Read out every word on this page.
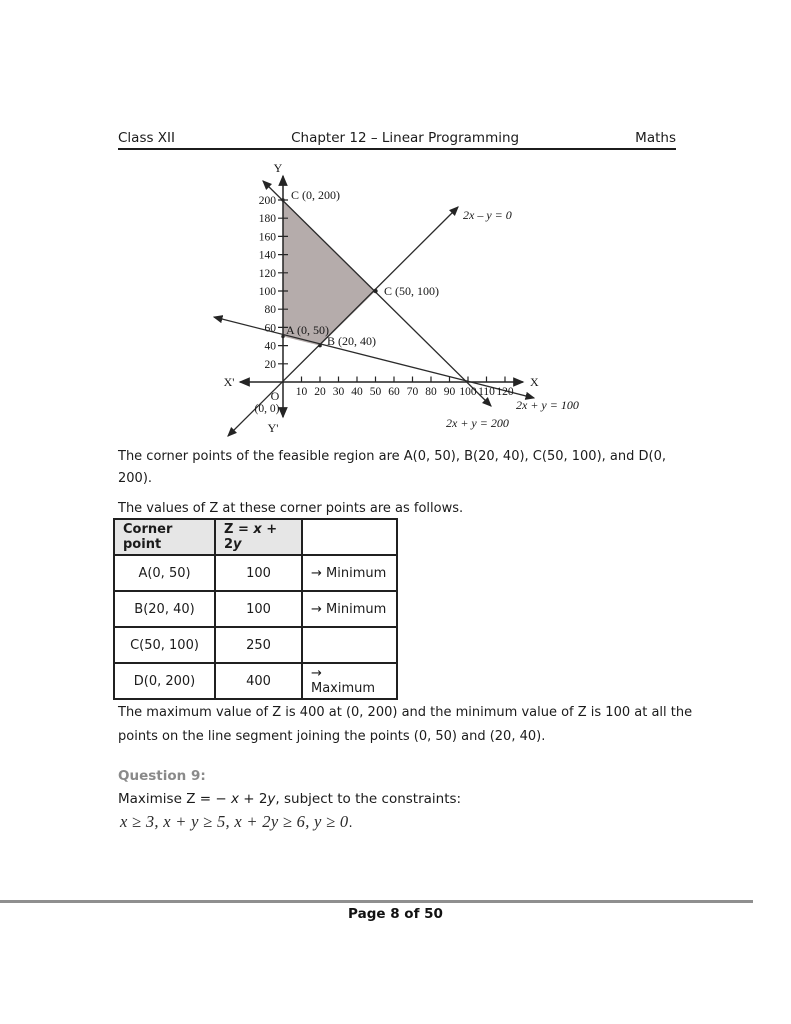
Class XII	Chapter 12 – Linear Programming	Maths
200
180
160
140
120
100
80
60
40
20
10 20 30 40 50 60 70 80 90 100 110 120
Y
Y'
X'	X
O
(0, 0)
C (0, 200)
C (50, 100)
A (0, 50)
B (20, 40)
2x – y = 0
2x + y = 100
2x + y = 200

The corner points of the feasible region are A(0, 50), B(20, 40), C(50, 100), and D(0, 200).

The values of Z at these corner points are as follows.

Corner point	Z = x + 2y	
A(0, 50)	100	→ Minimum
B(20, 40)	100	→ Minimum
C(50, 100)	250	
D(0, 200)	400	→ Maximum
The maximum value of Z is 400 at (0, 200) and the minimum value of Z is 100 at all the points on the line segment joining the points (0, 50) and (20, 40).
Question 9:
Maximise Z = − x + 2y, subject to the constraints:
x ≥ 3, x + y ≥ 5, x + 2y ≥ 6, y ≥ 0.
Page 8 of 50
